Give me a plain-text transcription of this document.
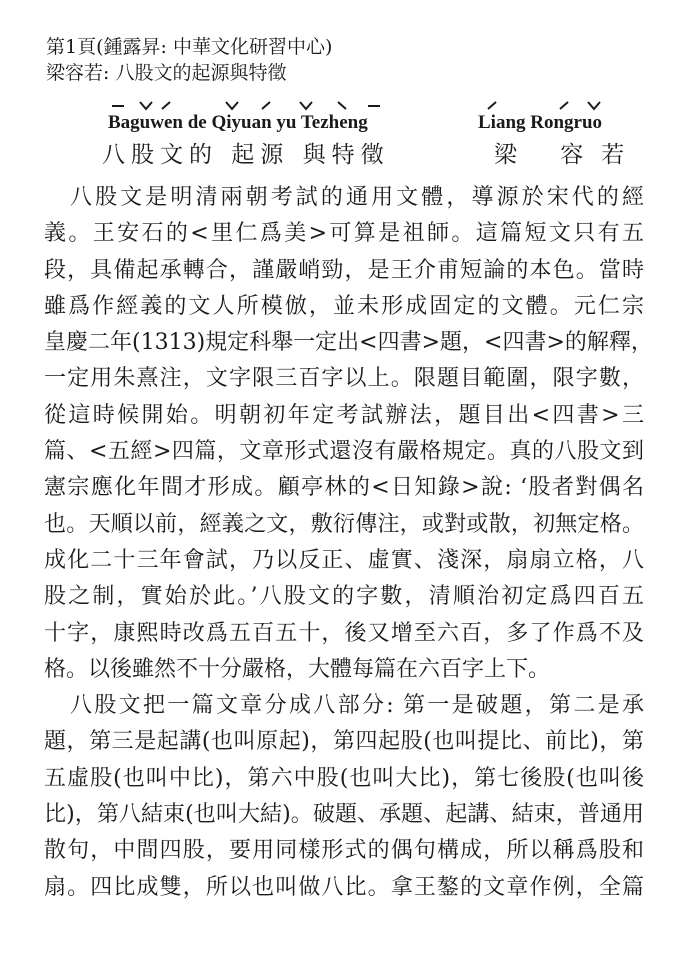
第1頁(鍾露昇: 中華文化研習中心)
梁容若: 八股文的起源與特徵
Baguwen de Qiyuan yu Tezheng	Liang Rongruo
八股文的 起源 與特徵	梁 容若
八股文是明清兩朝考試的通用文體，導源於宋代的經
義。王安石的<里仁爲美>可算是祖師。這篇短文只有五
段，具備起承轉合，謹嚴峭勁，是王介甫短論的本色。當時
雖爲作經義的文人所模倣，並未形成固定的文體。元仁宗
皇慶二年(1313)規定科舉一定出<四書>題，<四書>的解釋，
一定用朱熹注，文字限三百字以上。限題目範圍，限字數，
從這時候開始。明朝初年定考試辦法，題目出<四書>三
篇、<五經>四篇，文章形式還沒有嚴格規定。真的八股文到
憲宗應化年間才形成。顧亭林的<日知錄>說: ‘股者對偶名
也。天順以前，經義之文，敷衍傳注，或對或散，初無定格。
成化二十三年會試，乃以反正、虛實、淺深，扇扇立格，八
股之制，實始於此。’八股文的字數，清順治初定爲四百五
十字，康熙時改爲五百五十，後又增至六百，多了作爲不及
格。以後雖然不十分嚴格，大體每篇在六百字上下。
八股文把一篇文章分成八部分: 第一是破題，第二是承
題，第三是起講(也叫原起)，第四起股(也叫提比、前比)，第
五虛股(也叫中比)，第六中股(也叫大比)，第七後股(也叫後
比)，第八結束(也叫大結)。破題、承題、起講、結束，普通用
散句，中間四股，要用同樣形式的偶句構成，所以稱爲股和
扇。四比成雙，所以也叫做八比。拿王鏊的文章作例，全篇
